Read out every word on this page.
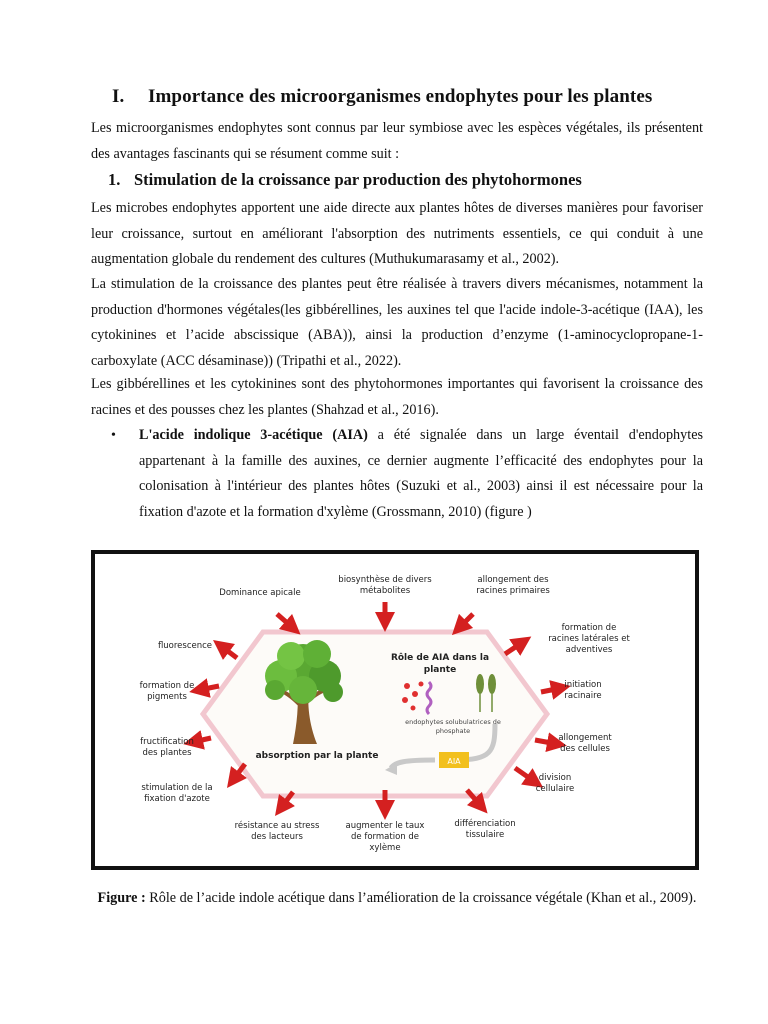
I. Importance des microorganismes endophytes pour les plantes

Les microorganismes endophytes sont connus par leur symbiose avec les espèces végétales, ils présentent des avantages fascinants qui se résument comme suit :

1. Stimulation de la croissance par production des phytohormones

Les microbes endophytes apportent une aide directe aux plantes hôtes de diverses manières pour favoriser leur croissance, surtout en améliorant l'absorption des nutriments essentiels, ce qui conduit à une augmentation globale du rendement des cultures (Muthukumarasamy et al., 2002).

La stimulation de la croissance des plantes peut être réalisée à travers divers mécanismes, notamment la production d'hormones végétales(les gibbérellines, les auxines tel que l'acide indole-3-acétique (IAA), les cytokinines et l’acide abscissique (ABA)), ainsi la production d’enzyme (1-aminocyclopropane-1-carboxylate (ACC désaminase)) (Tripathi et al., 2022).

Les gibbérellines et les cytokinines sont des phytohormones importantes qui favorisent la croissance des racines et des pousses chez les plantes (Shahzad et al., 2016).

• L'acide indolique 3-acétique (AIA) a été signalée dans un large éventail d'endophytes appartenant à la famille des auxines, ce dernier augmente l’efficacité des endophytes pour la colonisation à l'intérieur des plantes hôtes (Suzuki et al., 2003) ainsi il est nécessaire pour la fixation d'azote et la formation d'xylème (Grossmann, 2010) (figure )
AIA
Rôle de AIA dans la
plante
endophytes solubulatrices de
phosphate
absorption par la plante
Dominance apicale
biosynthèse de divers
métabolites
allongement des
racines primaires
formation de
racines latérales et
adventives
initiation
racinaire
allongement
des cellules
division
cellulaire
différenciation
tissulaire
augmenter le taux
de formation de
xylème
résistance au stress
des lacteurs
stimulation de la
fixation d'azote
fructification
des plantes
formation de
pigments
fluorescence
Figure : Rôle de l’acide indole acétique dans l’amélioration de la croissance végétale (Khan et al., 2009).
